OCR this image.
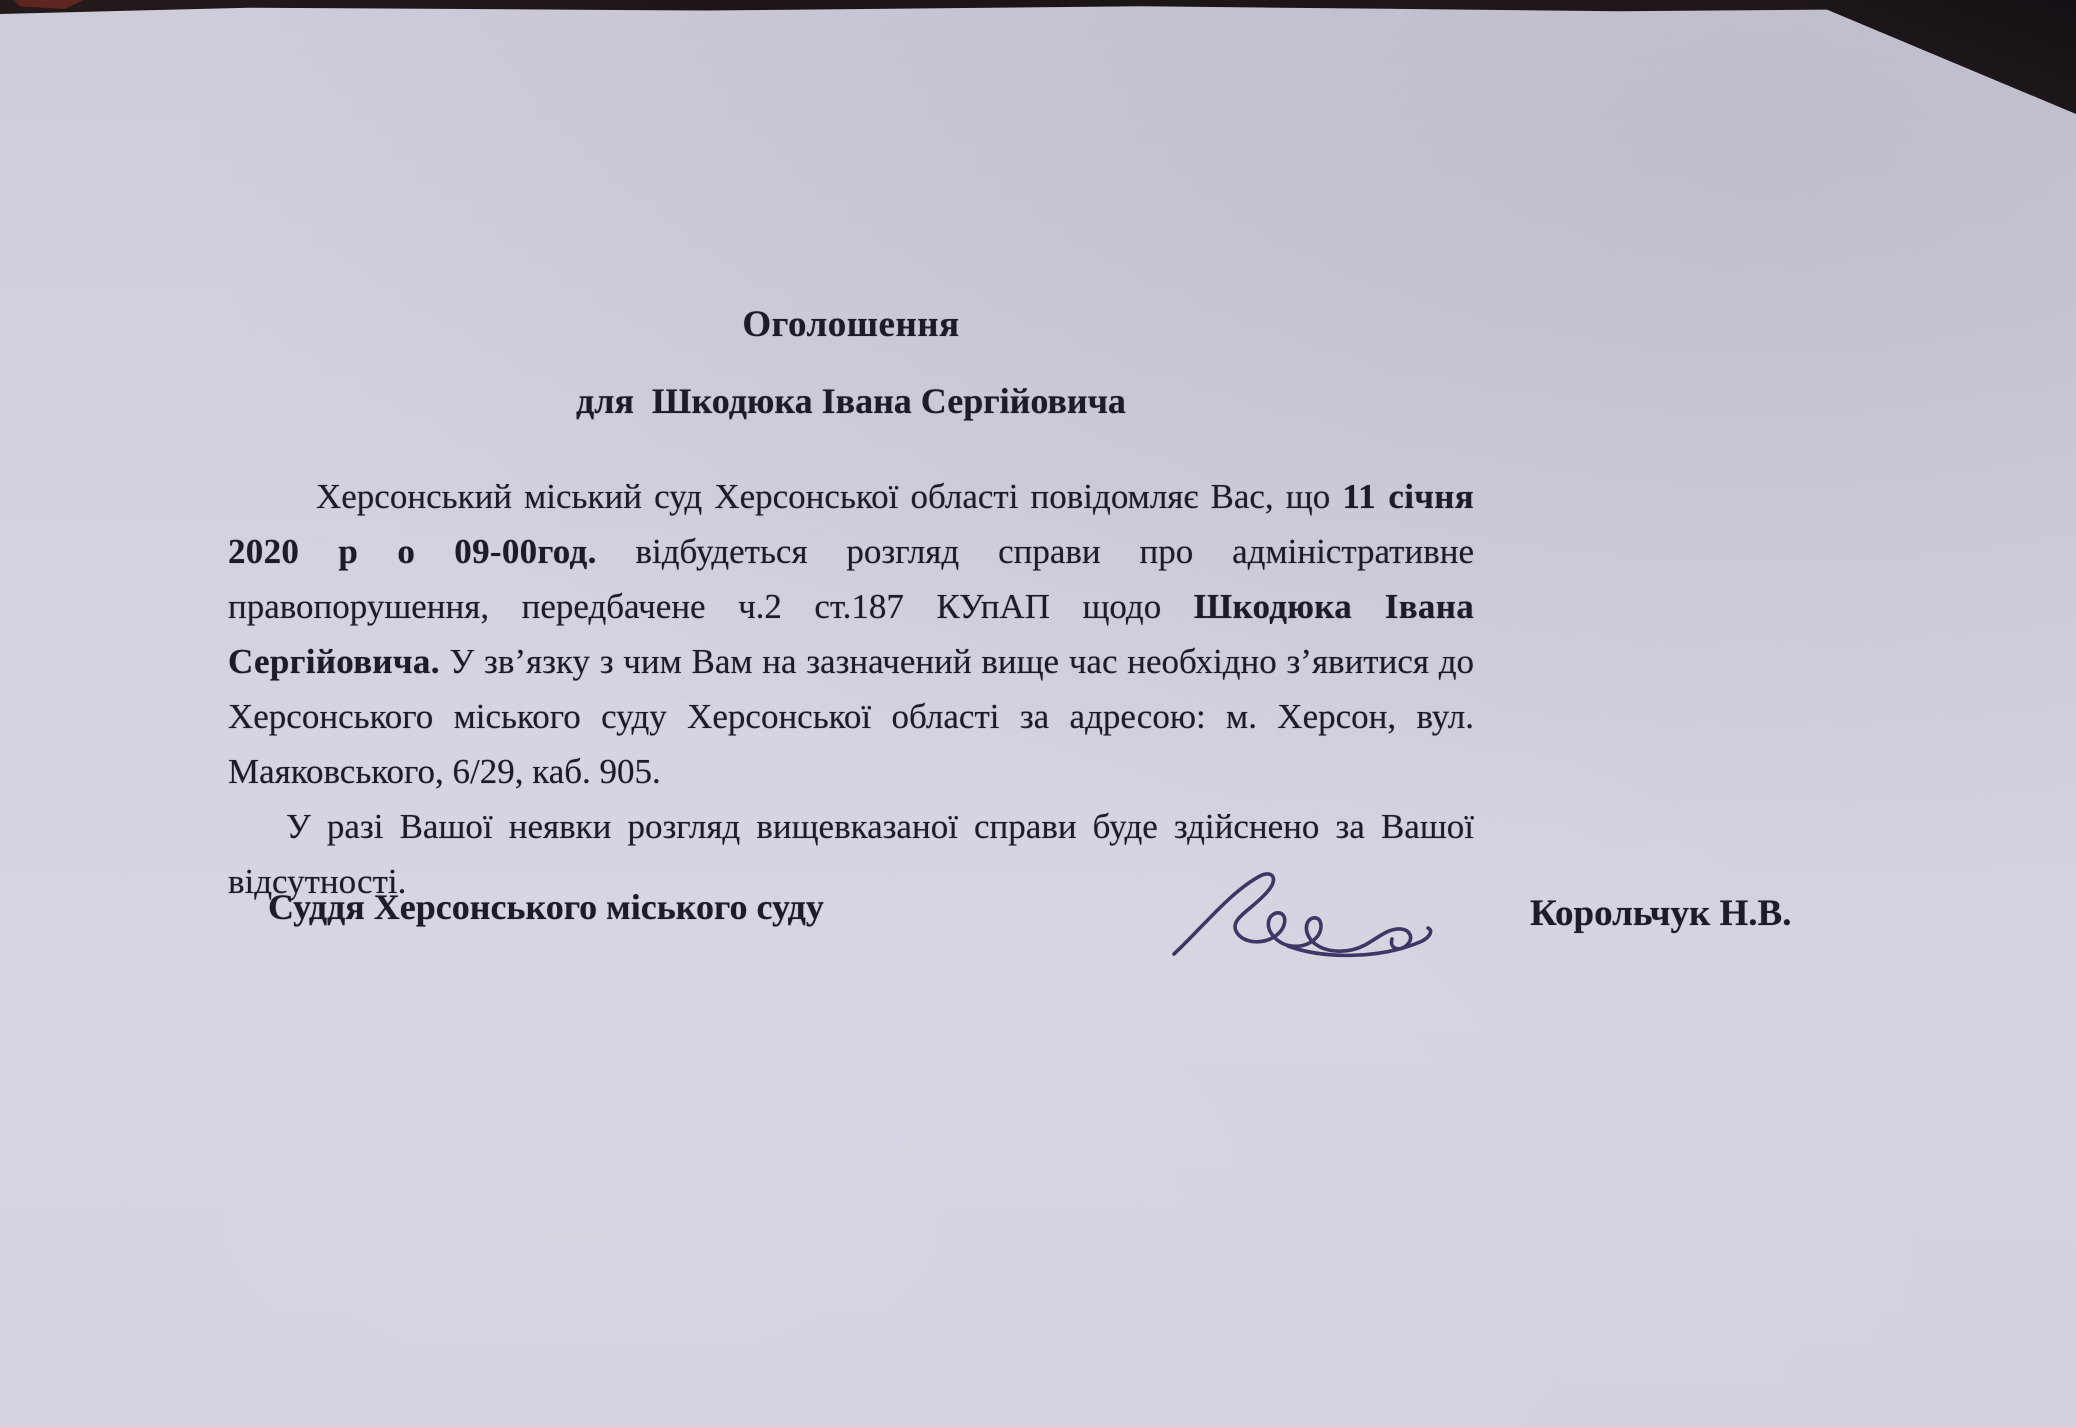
Оголошення
для  Шкодюка Івана Сергійовича

Херсонський міський суд Херсонської області повідомляє Вас, що 11 січня 2020 р о 09-00год. відбудеться розгляд справи про адміністративне правопорушення, передбачене ч.2 ст.187 КУпАП щодо Шкодюка Івана Сергійовича. У зв’язку з чим Вам на зазначений вище час необхідно з’явитися до Херсонського міського суду Херсонської області за адресою: м. Херсон, вул. Маяковського, 6/29, каб. 905.

У разі Вашої неявки розгляд вищевказаної справи буде здійснено за Вашої відсутності.

Суддя Херсонського міського суду	Корольчук Н.В.
